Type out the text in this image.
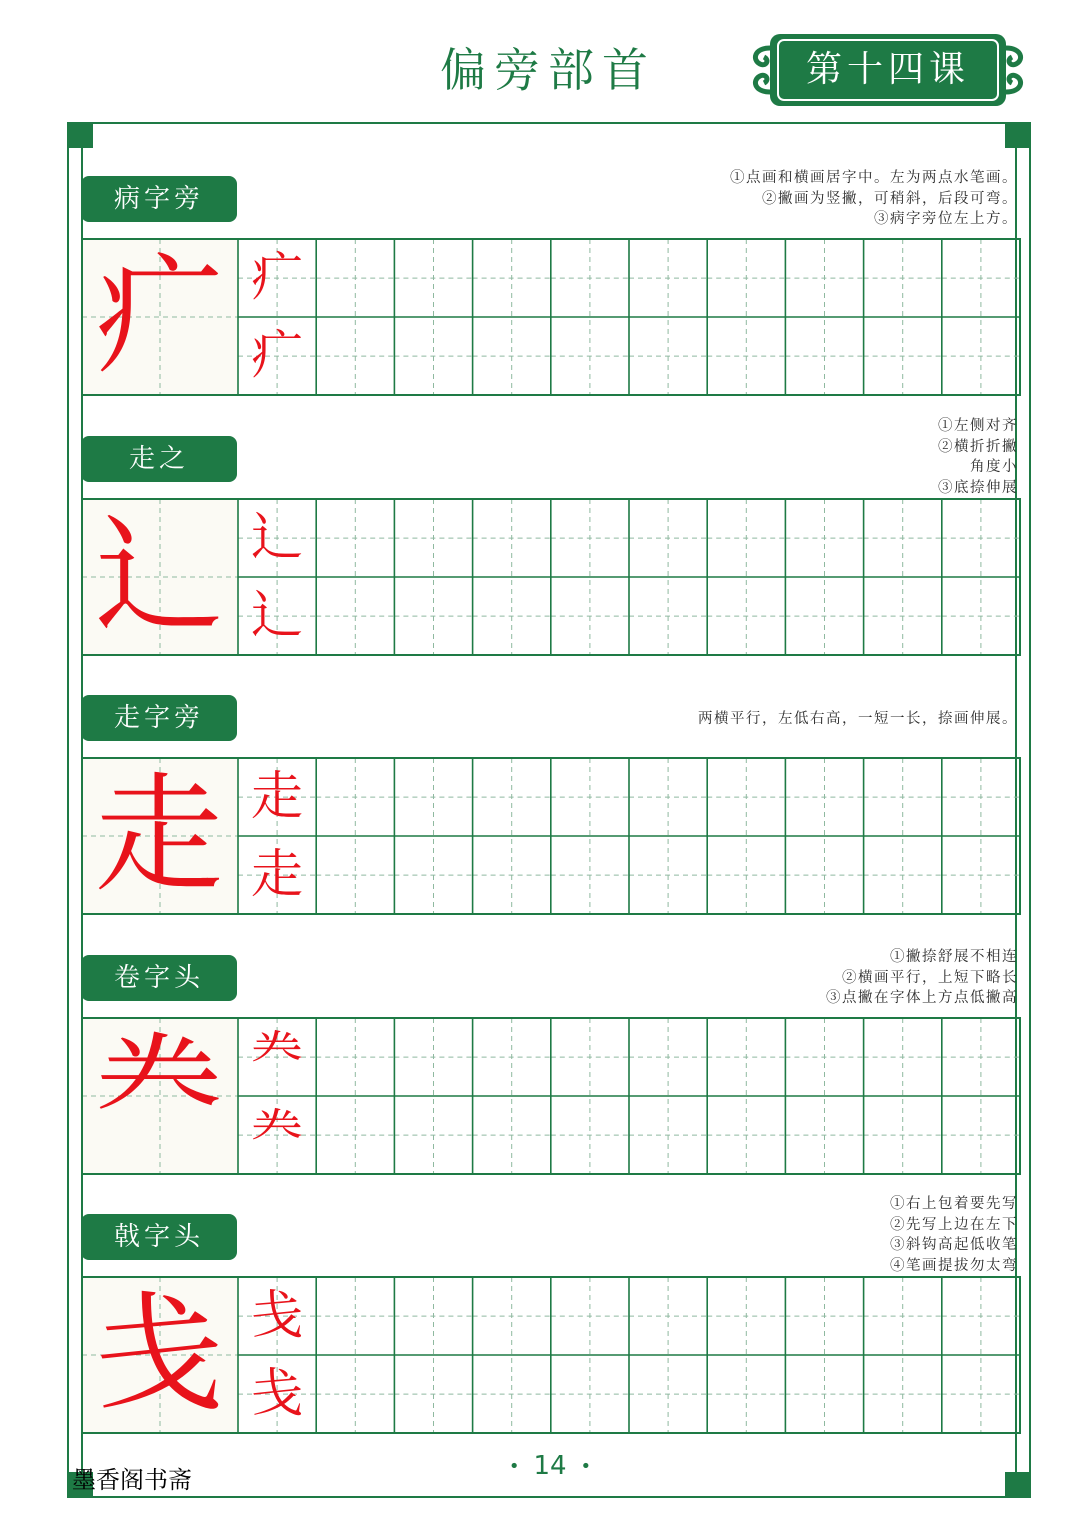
偏旁部首	第十四课
病字旁
①点画和横画居字中。左为两点水笔画。
②撇画为竖撇，可稍斜，后段可弯。
③病字旁位左上方。
疒 疒
疒
走之
①左侧对齐
②横折折撇
角度小
③底捺伸展
辶 辶
辶
走字旁	两横平行，左低右高，一短一长，捺画伸展。
走 走
走
卷字头
①撇捺舒展不相连
②横画平行，上短下略长
③点撇在字体上方点低撇高
龹 龹
龹
戟字头
①右上包着要先写
②先写上边在左下
③斜钩高起低收笔
④笔画提拔勿太弯
戋 戋
戋
• 14 •
墨香阁书斋
